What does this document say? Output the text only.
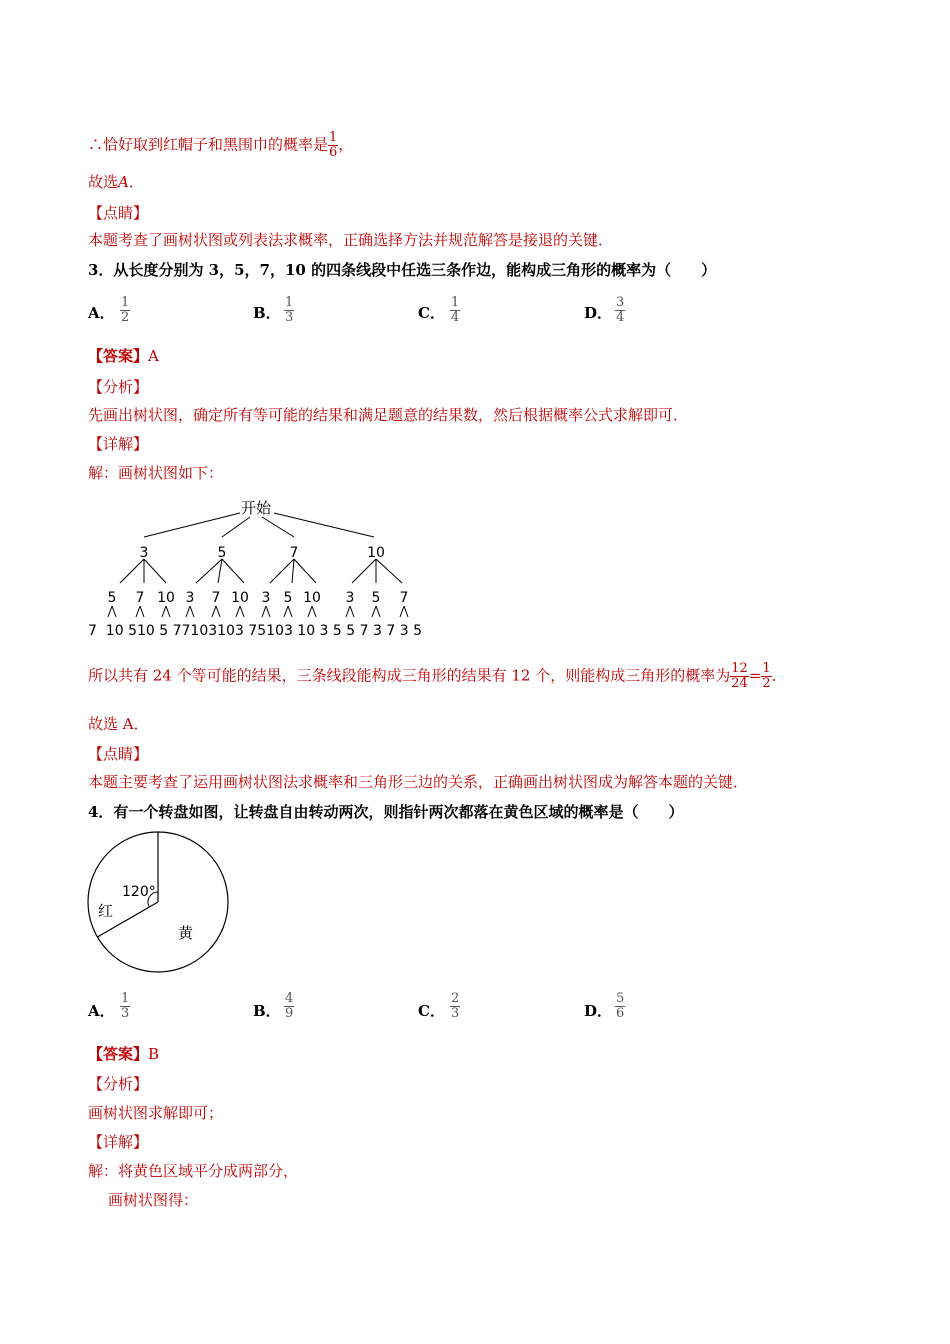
∴恰好取到红帽子和黑围巾的概率是 $\frac{1}{6}$ ，
故选A．
【点睛】
本题考查了画树状图或列表法求概率，正确选择方法并规范解答是接退的关键．
3．从长度分别为 3，5，7，10 的四条线段中任选三条作边，能构成三角形的概率为（　　）
A． $\frac{1}{2}$	B． $\frac{1}{3}$	C． $\frac{1}{4}$	D． $\frac{3}{4}$
【答案】A
【分析】
先画出树状图，确定所有等可能的结果和满足题意的结果数，然后根据概率公式求解即可．
【详解】
解：画树状图如下：
开始
3	5	7	10
5 7 10 3 7 10 3 5 10 3 5 7
7  10 510 5 77103103 75103 10 3 5 5 7 3 7 3 5
所以共有 24 个等可能的结果，三条线段能构成三角形的结果有 12 个，则能构成三角形的概率为 $\frac{12}{24} = \frac{1}{2}$ ．
故选 A．
【点睛】
本题主要考查了运用画树状图法求概率和三角形三边的关系，正确画出树状图成为解答本题的关键．
4．有一个转盘如图，让转盘自由转动两次，则指针两次都落在黄色区域的概率是（　　）
120°
红
黄
A． $\frac{1}{3}$	B． $\frac{4}{9}$	C． $\frac{2}{3}$	D． $\frac{5}{6}$
【答案】B
【分析】
画树状图求解即可；
【详解】
解：将黄色区域平分成两部分，
画树状图得：
